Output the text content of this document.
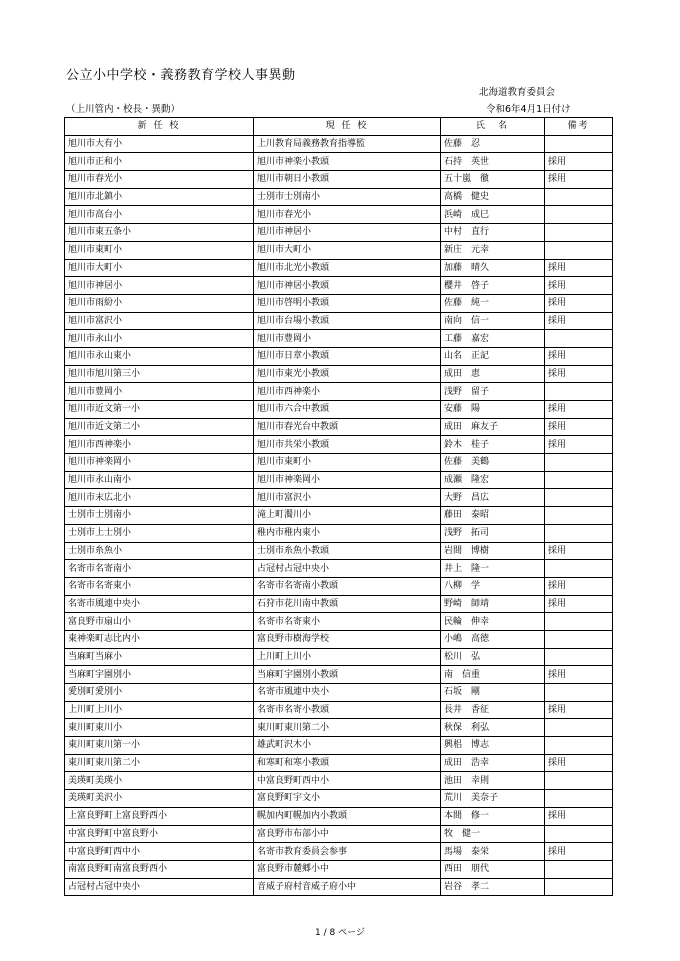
公立小中学校・義務教育学校人事異動
北海道教育委員会
（上川管内・校長・異動）	令和6年4月1日付け
新 任 校	現 任 校	氏　名	備考
旭川市大有小	上川教育局義務教育指導監	佐藤　忍	
旭川市正和小	旭川市神楽小教頭	石持　英世	採用
旭川市春光小	旭川市朝日小教頭	五十嵐　徹	採用
旭川市北鎮小	士別市士別南小	高橋　健史	
旭川市高台小	旭川市春光小	浜崎　成巳	
旭川市東五条小	旭川市神居小	中村　直行	
旭川市東町小	旭川市大町小	新庄　元幸	
旭川市大町小	旭川市北光小教頭	加藤　晴久	採用
旭川市神居小	旭川市神居小教頭	櫻井　啓子	採用
旭川市雨紛小	旭川市啓明小教頭	佐藤　純一	採用
旭川市富沢小	旭川市台場小教頭	南向　信一	採用
旭川市永山小	旭川市豊岡小	工藤　嘉宏	
旭川市永山東小	旭川市日章小教頭	山名　正記	採用
旭川市旭川第三小	旭川市東光小教頭	成田　恵	採用
旭川市豊岡小	旭川市西神楽小	浅野　留子	
旭川市近文第一小	旭川市六合中教頭	安藤　陽	採用
旭川市近文第二小	旭川市春光台中教頭	成田　麻友子	採用
旭川市西神楽小	旭川市共栄小教頭	鈴木　桂子	採用
旭川市神楽岡小	旭川市東町小	佐藤　美鶴	
旭川市永山南小	旭川市神楽岡小	成瀬　隆宏	
旭川市末広北小	旭川市富沢小	大野　昌広	
士別市士別南小	滝上町濁川小	藤田　泰昭	
士別市上士別小	稚内市稚内東小	浅野　拓司	
士別市糸魚小	士別市糸魚小教頭	岩間　博樹	採用
名寄市名寄南小	占冠村占冠中央小	井上　隆一	
名寄市名寄東小	名寄市名寄南小教頭	八柳　学	採用
名寄市風連中央小	石狩市花川南中教頭	野崎　師靖	採用
富良野市扇山小	名寄市名寄東小	民輪　伸幸	
東神楽町志比内小	富良野市樹海学校	小嶋　高徳	
当麻町当麻小	上川町上川小	松川　弘	
当麻町宇園別小	当麻町宇園別小教頭	南　信重	採用
愛別町愛別小	名寄市風連中央小	石坂　剛	
上川町上川小	名寄市名寄小教頭	長井　香征	採用
東川町東川小	東川町東川第二小	秋保　利弘	
東川町東川第一小	雄武町沢木小	興梠　博志	
東川町東川第二小	和寒町和寒小教頭	成田　浩幸	採用
美瑛町美瑛小	中富良野町西中小	池田　幸則	
美瑛町美沢小	富良野町宇文小	荒川　美奈子	
上富良野町上富良野西小	幌加内町幌加内小教頭	本間　修一	採用
中富良野町中富良野小	富良野市布部小中	牧　健一	
中富良野町西中小	名寄市教育委員会参事	馬場　泰栄	採用
南富良野町南富良野西小	富良野市麓郷小中	西田　朋代	
占冠村占冠中央小	音威子府村音威子府小中	岩谷　孝二	
1 / 8 ページ
